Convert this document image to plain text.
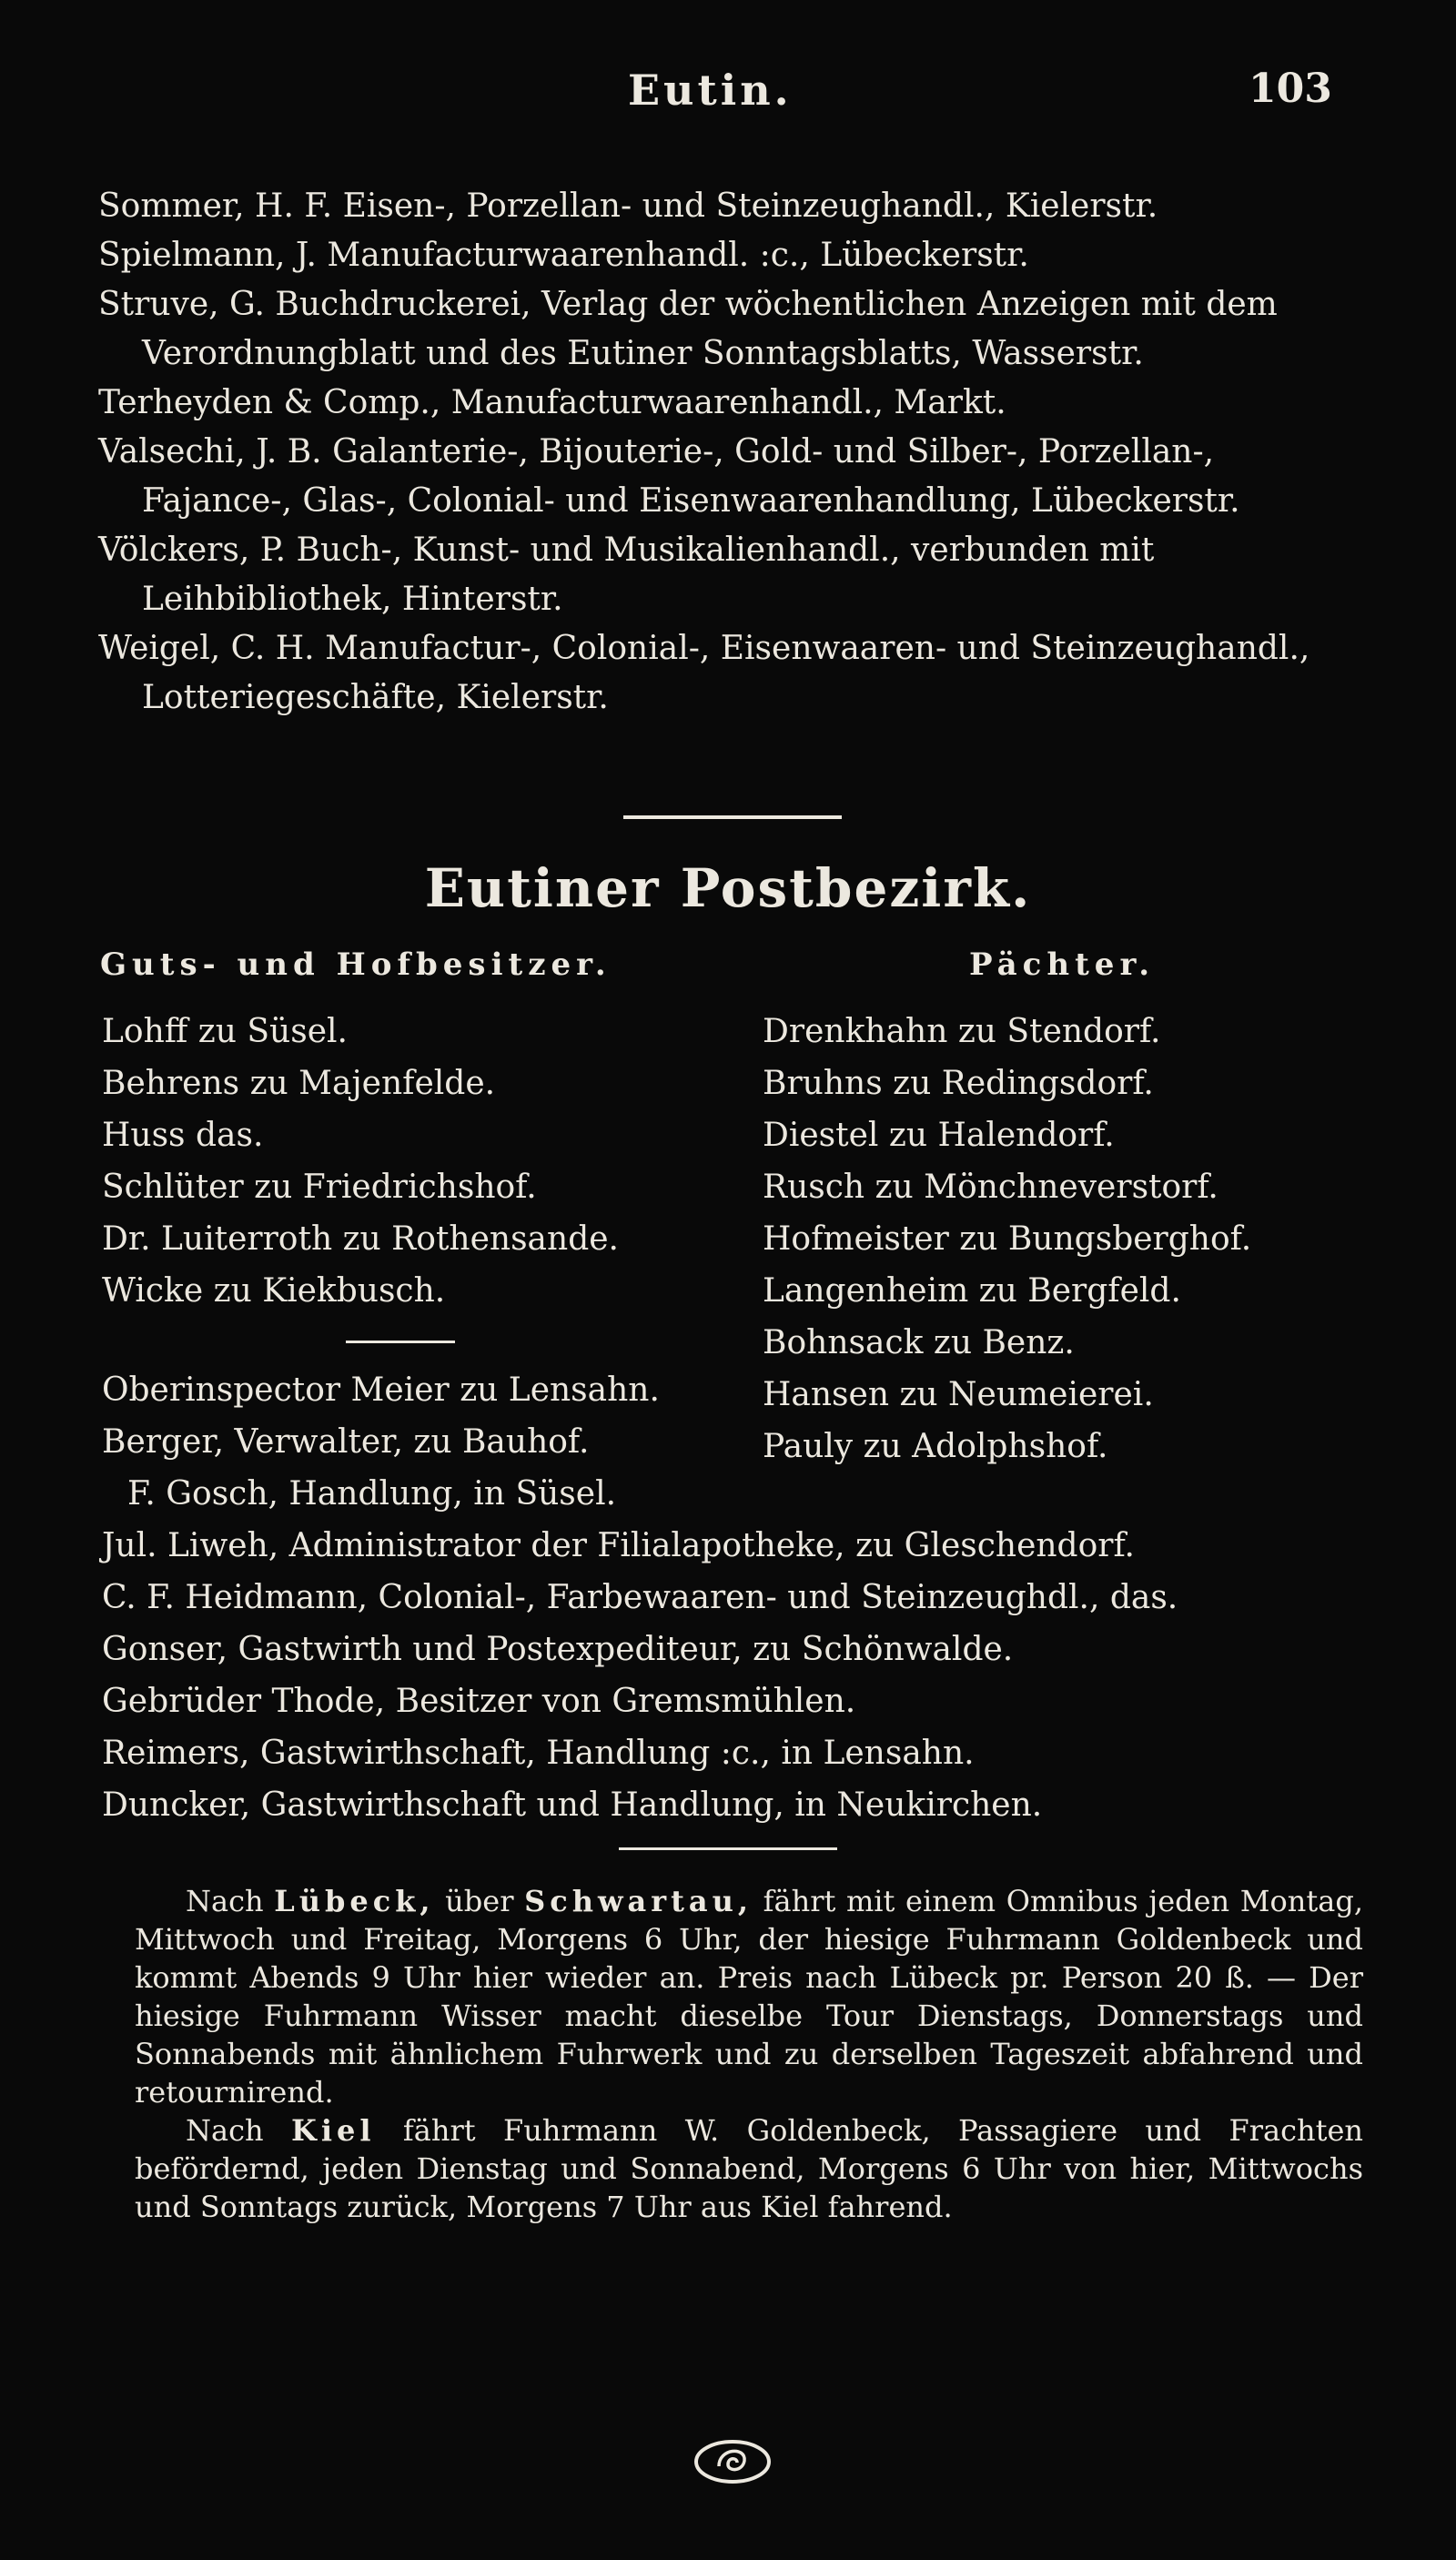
Eutin.	103

Sommer, H. F. Eisen-, Porzellan- und Steinzeughandl., Kielerstr.

Spielmann, J. Manufacturwaarenhandl. :c., Lübeckerstr.

Struve, G. Buchdruckerei, Verlag der wöchentlichen Anzeigen mit dem Verordnungblatt und des Eutiner Sonntagsblatts, Wasserstr.

Terheyden & Comp., Manufacturwaarenhandl., Markt.

Valsechi, J. B. Galanterie-, Bijouterie-, Gold- und Silber-, Porzellan-, Fajance-, Glas-, Colonial- und Eisenwaarenhandlung, Lübeckerstr.

Völckers, P. Buch-, Kunst- und Musikalienhandl., verbunden mit Leihbibliothek, Hinterstr.

Weigel, C. H. Manufactur-, Colonial-, Eisenwaaren- und Steinzeughandl., Lotteriegeschäfte, Kielerstr.

Eutiner Postbezirk.
Guts- und Hofbesitzer.	Pächter.
Lohff zu Süsel.
Behrens zu Majenfelde.
Huss das.
Schlüter zu Friedrichshof.
Dr. Luiterroth zu Rothensande.
Wicke zu Kiekbusch.
Drenkhahn zu Stendorf.
Bruhns zu Redingsdorf.
Diestel zu Halendorf.
Rusch zu Mönchneverstorf.
Hofmeister zu Bungsberghof.
Langenheim zu Bergfeld.
Bohnsack zu Benz.
Hansen zu Neumeierei.
Pauly zu Adolphshof.
Oberinspector Meier zu Lensahn.
Berger, Verwalter, zu Bauhof.
F. Gosch, Handlung, in Süsel.
Jul. Liweh, Administrator der Filialapotheke, zu Gleschendorf.
C. F. Heidmann, Colonial-, Farbewaaren- und Steinzeughdl., das.
Gonser, Gastwirth und Postexpediteur, zu Schönwalde.
Gebrüder Thode, Besitzer von Gremsmühlen.
Reimers, Gastwirthschaft, Handlung :c., in Lensahn.
Duncker, Gastwirthschaft und Handlung, in Neukirchen.

Nach Lübeck, über Schwartau, fährt mit einem Omnibus jeden Montag, Mittwoch und Freitag, Morgens 6 Uhr, der hiesige Fuhrmann Goldenbeck und kommt Abends 9 Uhr hier wieder an. Preis nach Lübeck pr. Person 20 ß. — Der hiesige Fuhrmann Wisser macht dieselbe Tour Dienstags, Donnerstags und Sonnabends mit ähnlichem Fuhrwerk und zu derselben Tageszeit abfahrend und retournirend.

Nach Kiel fährt Fuhrmann W. Goldenbeck, Passagiere und Frachten befördernd, jeden Dienstag und Sonnabend, Morgens 6 Uhr von hier, Mittwochs und Sonntags zurück, Morgens 7 Uhr aus Kiel fahrend.
